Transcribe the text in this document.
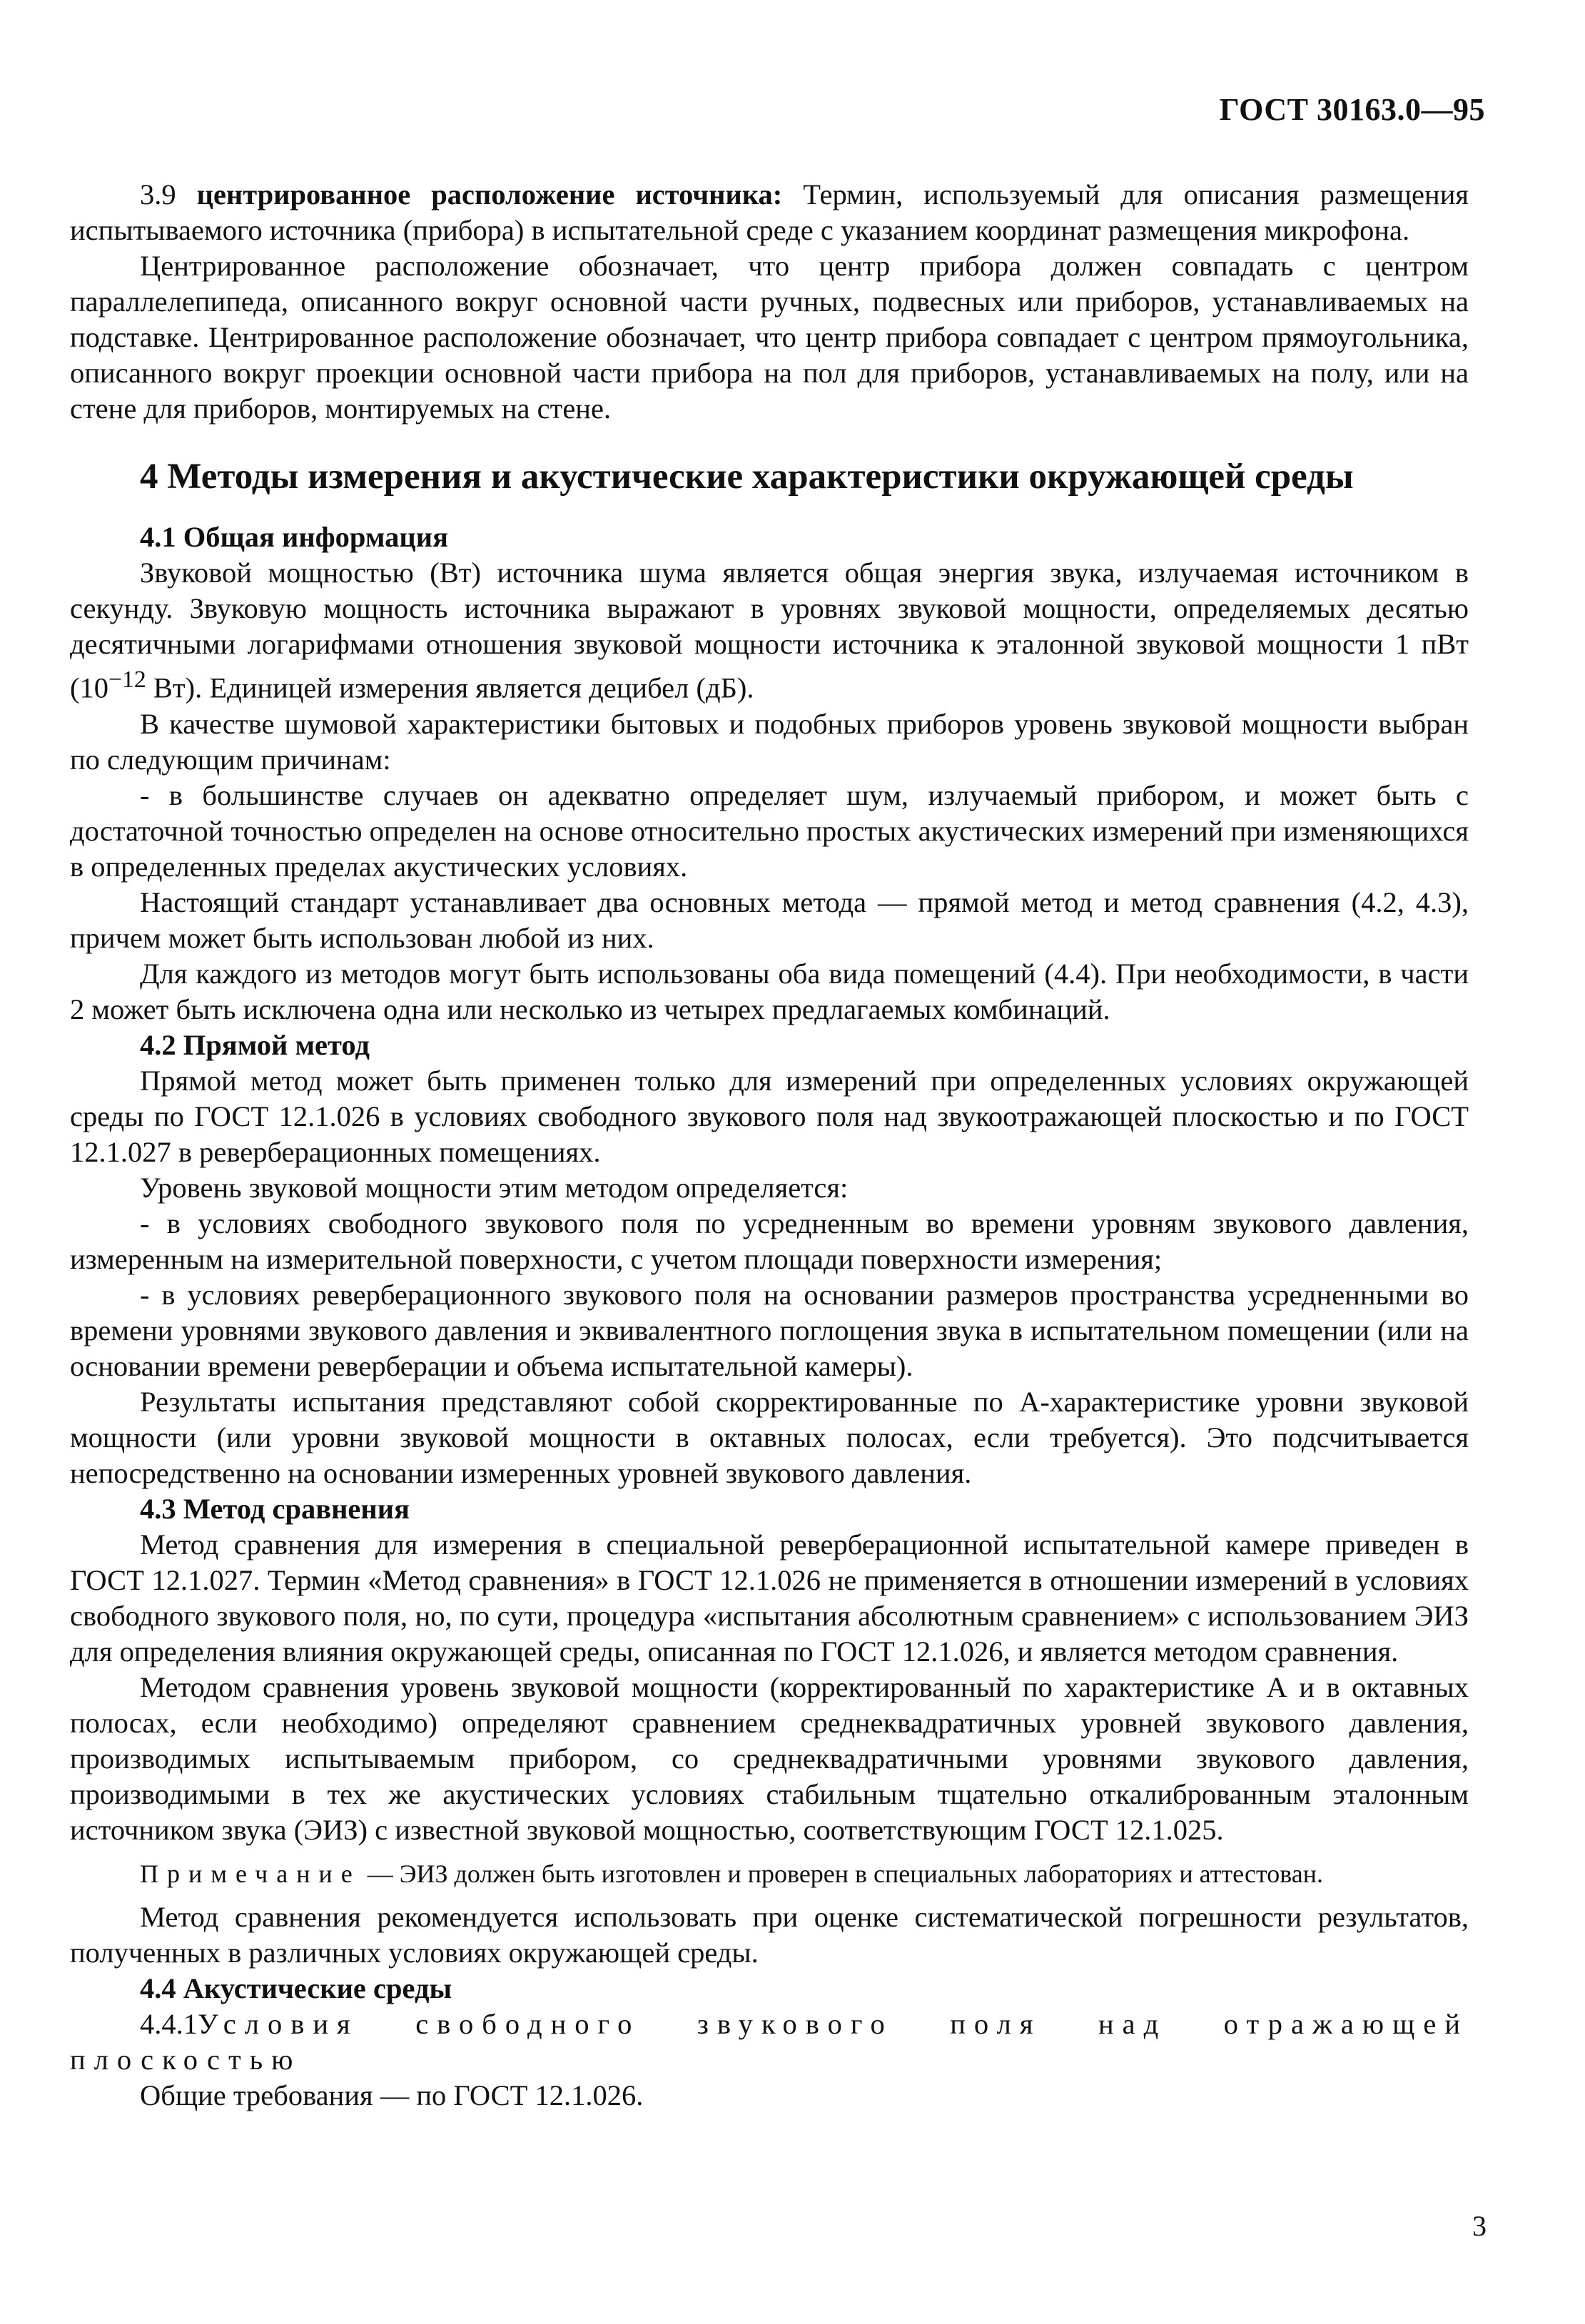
ГОСТ 30163.0—95

3.9 центрированное расположение источника: Термин, используемый для описания размещения испытываемого источника (прибора) в испытательной среде с указанием координат размещения микрофона.

Центрированное расположение обозначает, что центр прибора должен совпадать с центром параллелепипеда, описанного вокруг основной части ручных, подвесных или приборов, устанавливаемых на подставке. Центрированное расположение обозначает, что центр прибора совпадает с центром прямоугольника, описанного вокруг проекции основной части прибора на пол для приборов, устанавливаемых на полу, или на стене для приборов, монтируемых на стене.

4 Методы измерения и акустические характеристики окружающей среды

4.1 Общая информация

Звуковой мощностью (Вт) источника шума является общая энергия звука, излучаемая источником в секунду. Звуковую мощность источника выражают в уровнях звуковой мощности, определяемых десятью десятичными логарифмами отношения звуковой мощности источника к эталонной звуковой мощности 1 пВт ($10^{-12}$ Вт). Единицей измерения является децибел (дБ).

В качестве шумовой характеристики бытовых и подобных приборов уровень звуковой мощности выбран по следующим причинам:

- в большинстве случаев он адекватно определяет шум, излучаемый прибором, и может быть с достаточной точностью определен на основе относительно простых акустических измерений при изменяющихся в определенных пределах акустических условиях.

Настоящий стандарт устанавливает два основных метода — прямой метод и метод сравнения (4.2, 4.3), причем может быть использован любой из них.

Для каждого из методов могут быть использованы оба вида помещений (4.4). При необходимости, в части 2 может быть исключена одна или несколько из четырех предлагаемых комбинаций.

4.2 Прямой метод

Прямой метод может быть применен только для измерений при определенных условиях окружающей среды по ГОСТ 12.1.026 в условиях свободного звукового поля над звукоотражающей плоскостью и по ГОСТ 12.1.027 в реверберационных помещениях.

Уровень звуковой мощности этим методом определяется:

- в условиях свободного звукового поля по усредненным во времени уровням звукового давления, измеренным на измерительной поверхности, с учетом площади поверхности измерения;

- в условиях реверберационного звукового поля на основании размеров пространства усредненными во времени уровнями звукового давления и эквивалентного поглощения звука в испытательном помещении (или на основании времени реверберации и объема испытательной камеры).

Результаты испытания представляют собой скорректированные по А-характеристике уровни звуковой мощности (или уровни звуковой мощности в октавных полосах, если требуется). Это подсчитывается непосредственно на основании измеренных уровней звукового давления.

4.3 Метод сравнения

Метод сравнения для измерения в специальной реверберационной испытательной камере приведен в ГОСТ 12.1.027. Термин «Метод сравнения» в ГОСТ 12.1.026 не применяется в отношении измерений в условиях свободного звукового поля, но, по сути, процедура «испытания абсолютным сравнением» с использованием ЭИЗ для определения влияния окружающей среды, описанная по ГОСТ 12.1.026, и является методом сравнения.

Методом сравнения уровень звуковой мощности (корректированный по характеристике А и в октавных полосах, если необходимо) определяют сравнением среднеквадратичных уровней звукового давления, производимых испытываемым прибором, со среднеквадратичными уровнями звукового давления, производимыми в тех же акустических условиях стабильным тщательно откалиброванным эталонным источником звука (ЭИЗ) с известной звуковой мощностью, соответствующим ГОСТ 12.1.025.

Примечание — ЭИЗ должен быть изготовлен и проверен в специальных лабораториях и аттестован.

Метод сравнения рекомендуется использовать при оценке систематической погрешности результатов, полученных в различных условиях окружающей среды.

4.4 Акустические среды

4.4.1Условия свободного звукового поля над отражающей

плоскостью

Общие требования — по ГОСТ 12.1.026.

3
